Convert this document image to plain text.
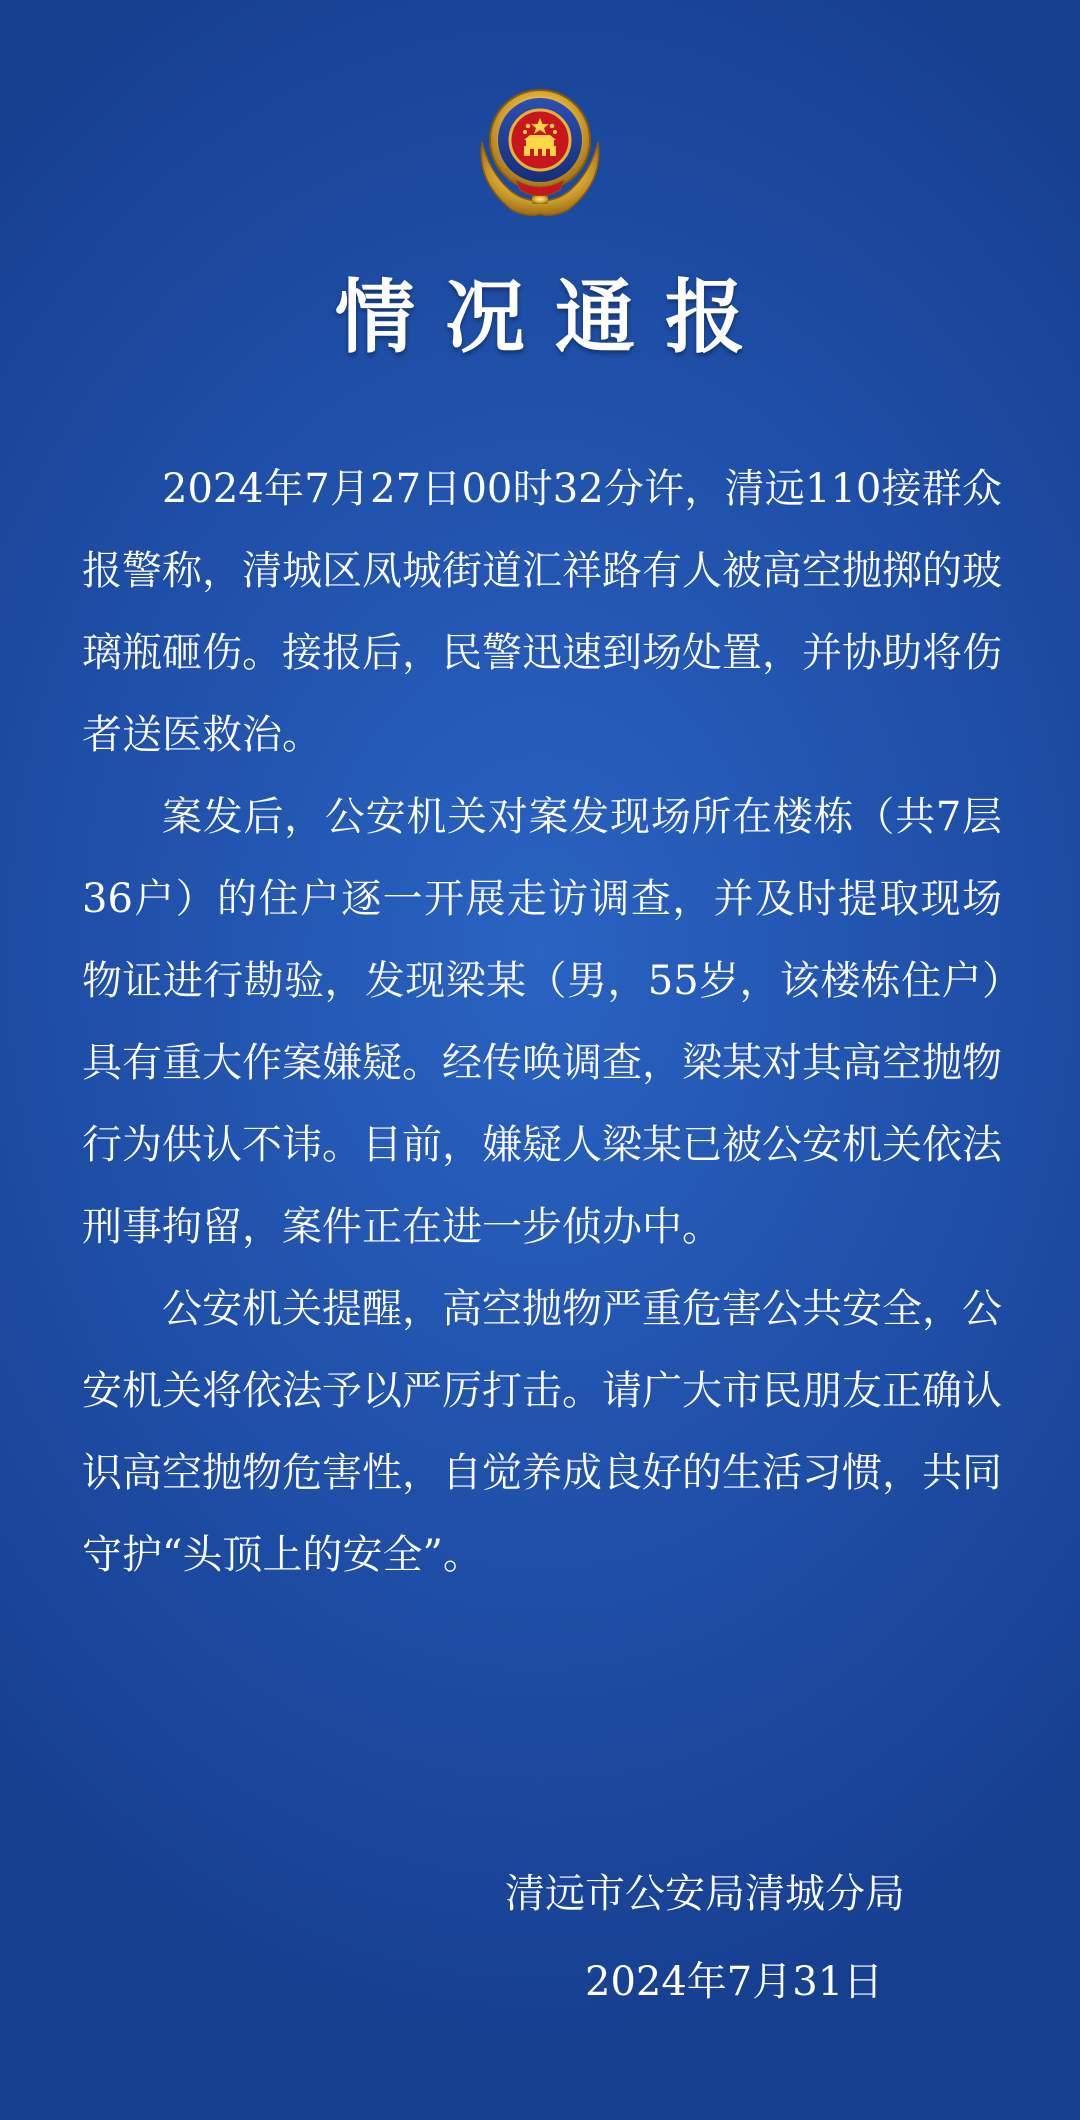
情况通报

2024年7月27日00时32分许，清远110接群众报警称，清城区凤城街道汇祥路有人被高空抛掷的玻璃瓶砸伤。接报后，民警迅速到场处置，并协助将伤者送医救治。

案发后，公安机关对案发现场所在楼栋（共7层36户）的住户逐一开展走访调查，并及时提取现场物证进行勘验，发现梁某（男，55岁，该楼栋住户）具有重大作案嫌疑。经传唤调查，梁某对其高空抛物行为供认不讳。目前，嫌疑人梁某已被公安机关依法刑事拘留，案件正在进一步侦办中。

公安机关提醒，高空抛物严重危害公共安全，公安机关将依法予以严厉打击。请广大市民朋友正确认识高空抛物危害性，自觉养成良好的生活习惯，共同守护“头顶上的安全”。

清远市公安局清城分局
2024年7月31日
